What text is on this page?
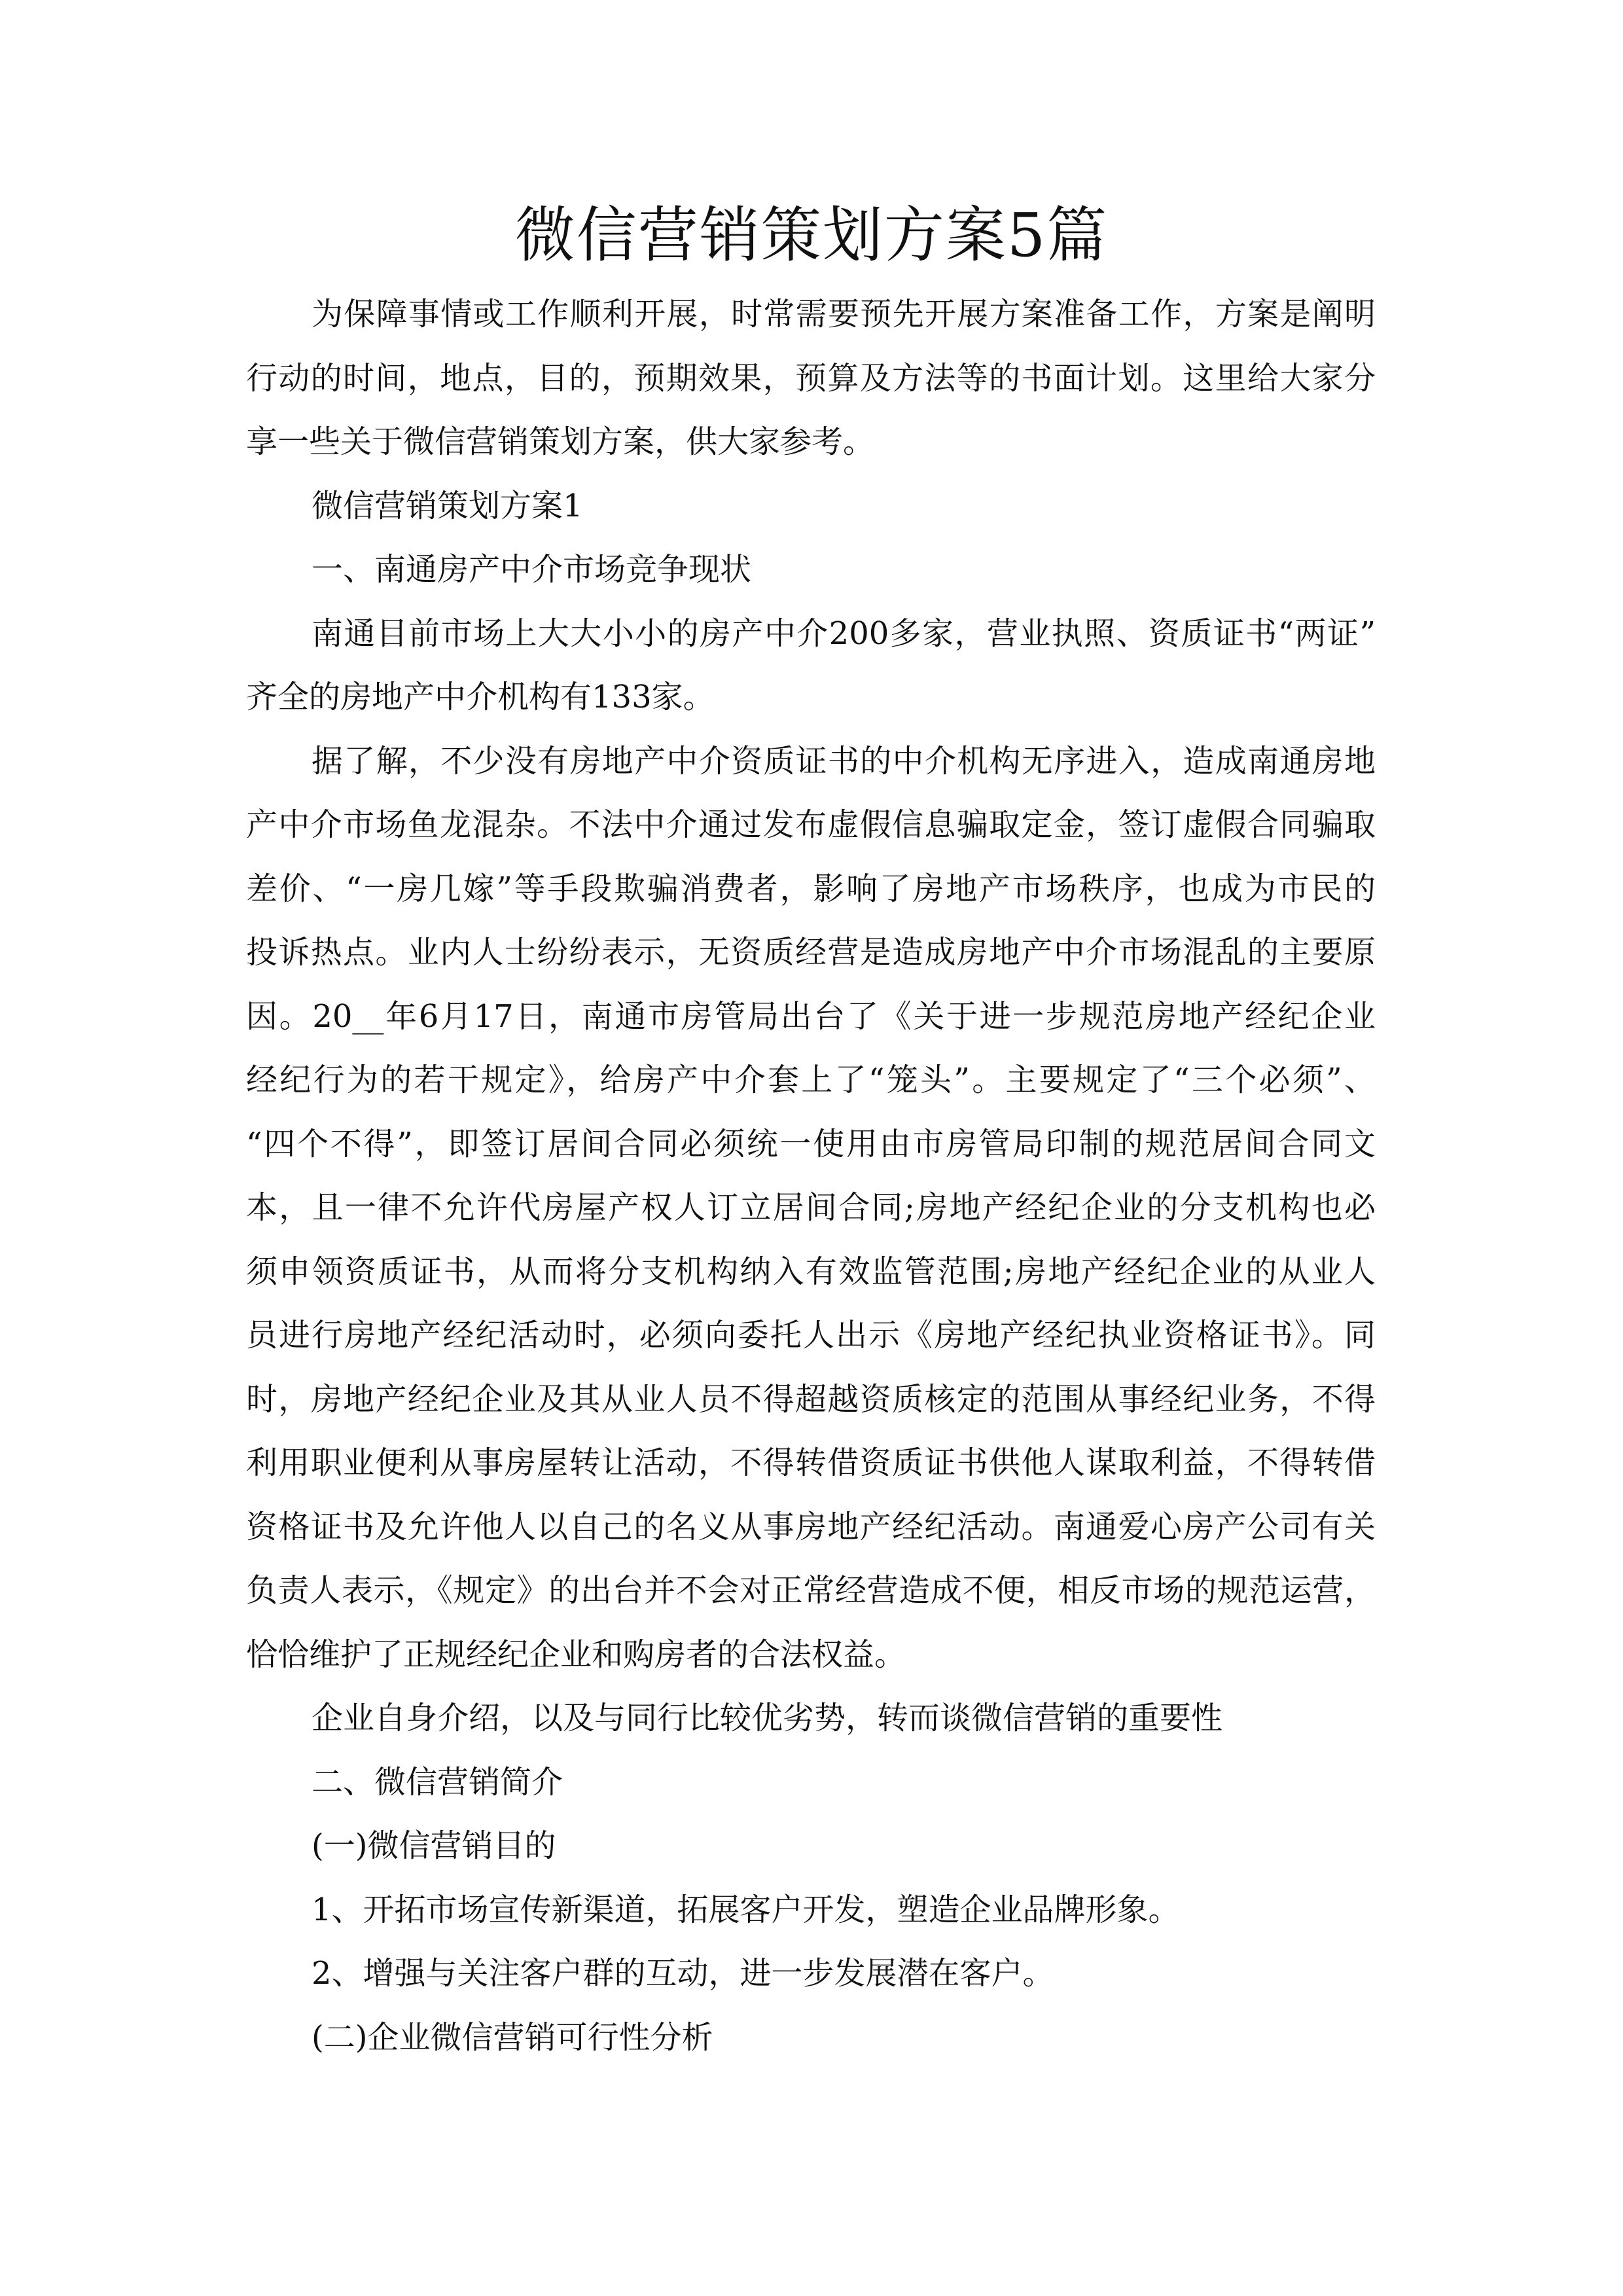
微信营销策划方案5篇
为保障事情或工作顺利开展，时常需要预先开展方案准备工作，方案是阐明
行动的时间，地点，目的，预期效果，预算及方法等的书面计划。这里给大家分
享一些关于微信营销策划方案，供大家参考。
微信营销策划方案1
一、南通房产中介市场竞争现状
南通目前市场上大大小小的房产中介200多家，营业执照、资质证书“两证”
齐全的房地产中介机构有133家。
据了解，不少没有房地产中介资质证书的中介机构无序进入，造成南通房地
产中介市场鱼龙混杂。不法中介通过发布虚假信息骗取定金，签订虚假合同骗取
差价、“一房几嫁”等手段欺骗消费者，影响了房地产市场秩序，也成为市民的
投诉热点。业内人士纷纷表示，无资质经营是造成房地产中介市场混乱的主要原
因。20__年6月17日，南通市房管局出台了《关于进一步规范房地产经纪企业
经纪行为的若干规定》，给房产中介套上了“笼头”。主要规定了“三个必须”、
“四个不得”，即签订居间合同必须统一使用由市房管局印制的规范居间合同文
本，且一律不允许代房屋产权人订立居间合同;房地产经纪企业的分支机构也必
须申领资质证书，从而将分支机构纳入有效监管范围;房地产经纪企业的从业人
员进行房地产经纪活动时，必须向委托人出示《房地产经纪执业资格证书》。同
时，房地产经纪企业及其从业人员不得超越资质核定的范围从事经纪业务，不得
利用职业便利从事房屋转让活动，不得转借资质证书供他人谋取利益，不得转借
资格证书及允许他人以自己的名义从事房地产经纪活动。南通爱心房产公司有关
负责人表示，《规定》的出台并不会对正常经营造成不便，相反市场的规范运营，
恰恰维护了正规经纪企业和购房者的合法权益。
企业自身介绍，以及与同行比较优劣势，转而谈微信营销的重要性
二、微信营销简介
(一)微信营销目的
1、开拓市场宣传新渠道，拓展客户开发，塑造企业品牌形象。
2、增强与关注客户群的互动，进一步发展潜在客户。
(二)企业微信营销可行性分析
